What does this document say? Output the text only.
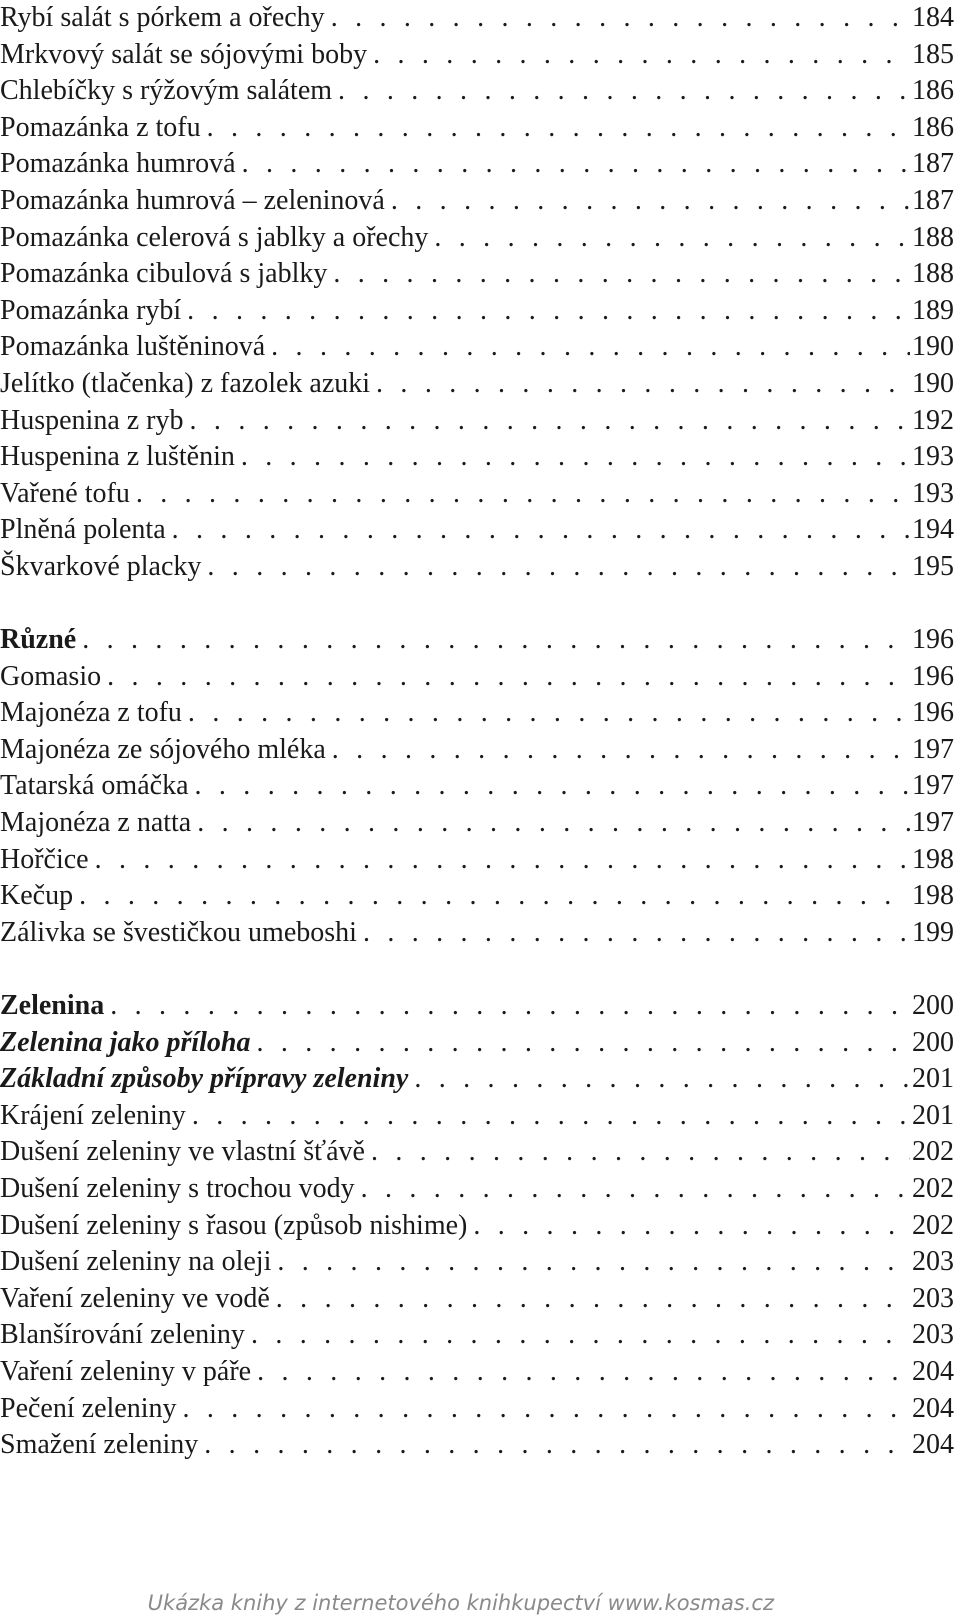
Rybí salát s pórkem a ořechy . . .	184
Mrkvový salát se sójovými boby . . .	185
Chlebíčky s rýžovým salátem . . .	186
Pomazánka z tofu . . .	186
Pomazánka humrová . . .	187
Pomazánka humrová – zeleninová . . .	187
Pomazánka celerová s jablky a ořechy . . .	188
Pomazánka cibulová s jablky . . .	188
Pomazánka rybí . . .	189
Pomazánka luštěninová . . .	190
Jelítko (tlačenka) z fazolek azuki . . .	190
Huspenina z ryb . . .	192
Huspenina z luštěnin . . .	193
Vařené tofu . . .	193
Plněná polenta . . .	194
Škvarkové placky . . .	195
Různé . . .	196
Gomasio . . .	196
Majonéza z tofu . . .	196
Majonéza ze sójového mléka . . .	197
Tatarská omáčka . . .	197
Majonéza z natta . . .	197
Hořčice . . .	198
Kečup . . .	198
Zálivka se švestičkou umeboshi . . .	199
Zelenina . . .	200
Zelenina jako příloha . . .	200
Základní způsoby přípravy zeleniny . . .	201
Krájení zeleniny . . .	201
Dušení zeleniny ve vlastní šťávě . . .	202
Dušení zeleniny s trochou vody . . .	202
Dušení zeleniny s řasou (způsob nishime) . . .	202
Dušení zeleniny na oleji . . .	203
Vaření zeleniny ve vodě . . .	203
Blanšírování zeleniny . . .	203
Vaření zeleniny v páře . . .	204
Pečení zeleniny . . .	204
Smažení zeleniny . . .	204
Ukázka knihy z internetového knihkupectví www.kosmas.cz
